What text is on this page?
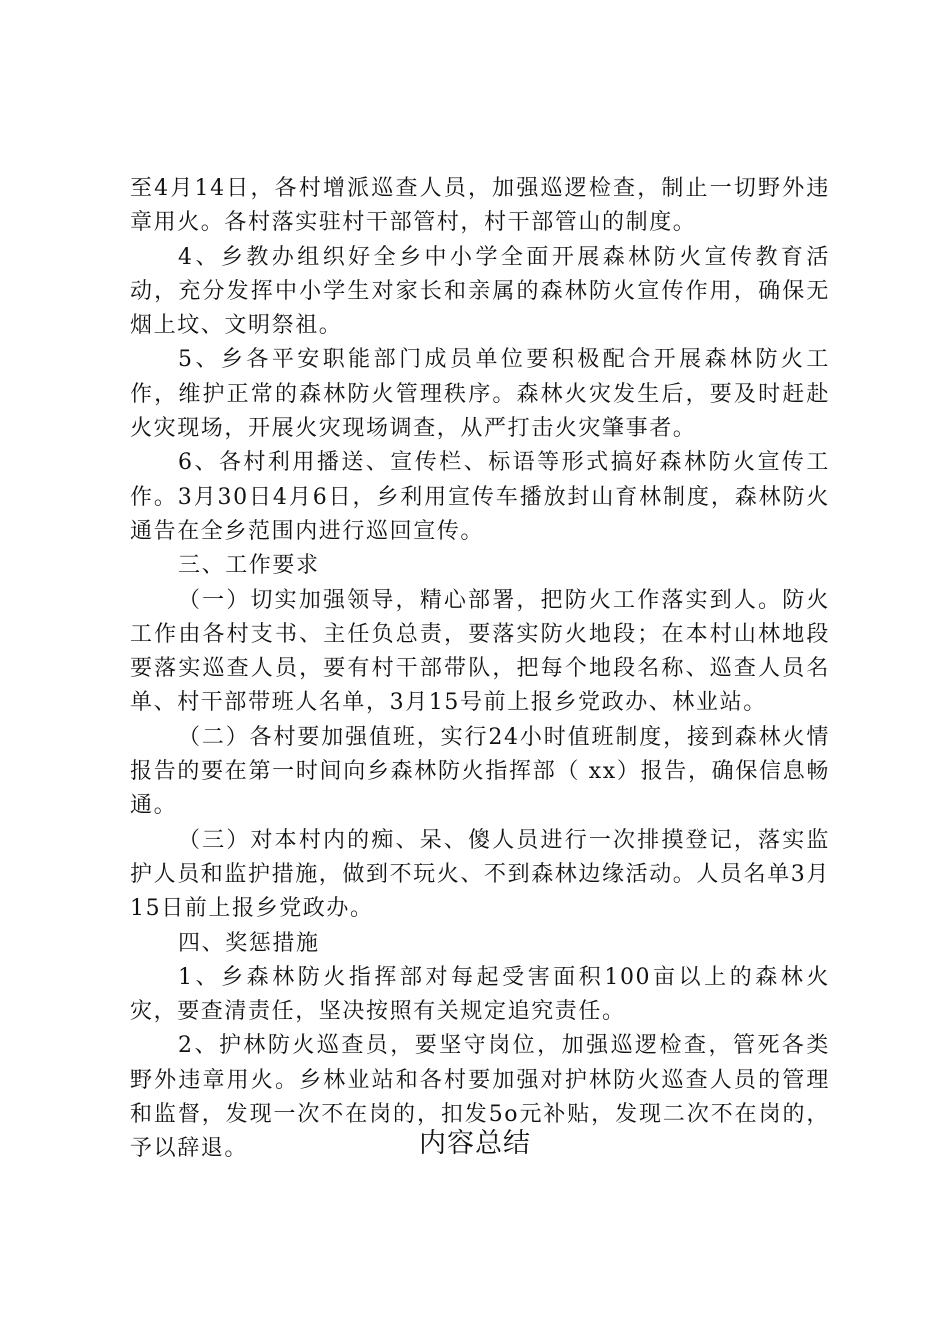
至4月14日，各村增派巡查人员，加强巡逻检查，制止一切野外违章用火。各村落实驻村干部管村，村干部管山的制度。

4、乡教办组织好全乡中小学全面开展森林防火宣传教育活动，充分发挥中小学生对家长和亲属的森林防火宣传作用，确保无烟上坟、文明祭祖。

5、乡各平安职能部门成员单位要积极配合开展森林防火工作，维护正常的森林防火管理秩序。森林火灾发生后，要及时赶赴火灾现场，开展火灾现场调查，从严打击火灾肇事者。

6、各村利用播送、宣传栏、标语等形式搞好森林防火宣传工作。3月30日4月6日，乡利用宣传车播放封山育林制度，森林防火通告在全乡范围内进行巡回宣传。

三、工作要求

（一）切实加强领导，精心部署，把防火工作落实到人。防火工作由各村支书、主任负总责，要落实防火地段；在本村山林地段要落实巡查人员，要有村干部带队，把每个地段名称、巡查人员名单、村干部带班人名单，3月15号前上报乡党政办、林业站。

（二）各村要加强值班，实行24小时值班制度，接到森林火情报告的要在第一时间向乡森林防火指挥部（ xx）报告，确保信息畅通。

（三）对本村内的痴、呆、傻人员进行一次排摸登记，落实监护人员和监护措施，做到不玩火、不到森林边缘活动。人员名单3月15日前上报乡党政办。

四、奖惩措施

1、乡森林防火指挥部对每起受害面积100亩以上的森林火灾，要查清责任，坚决按照有关规定追究责任。

2、护林防火巡查员，要坚守岗位，加强巡逻检查，管死各类野外违章用火。乡林业站和各村要加强对护林防火巡查人员的管理和监督，发现一次不在岗的，扣发5o元补贴，发现二次不在岗的，予以辞退。	内容总结
